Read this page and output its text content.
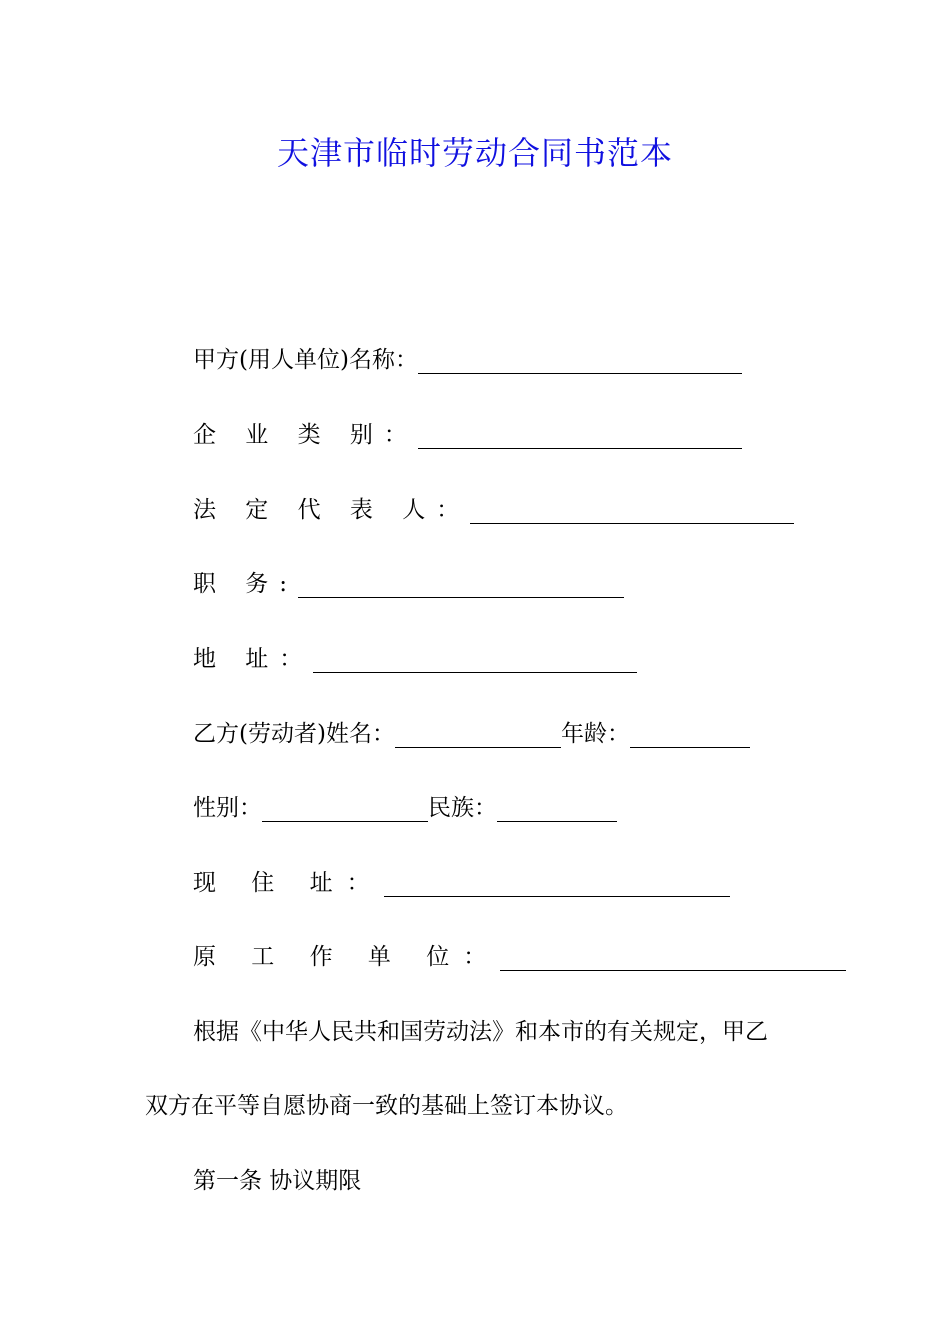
天津市临时劳动合同书范本
甲方(用人单位)名称：
企 业 类 别：
法 定 代 表 人：
职 务:
地 址：
乙方(劳动者)姓名：	年龄：
性别：	民族：
现 住 址：
原 工 作 单 位：
根据《中华人民共和国劳动法》和本市的有关规定，甲乙
双方在平等自愿协商一致的基础上签订本协议。
第一条 协议期限
